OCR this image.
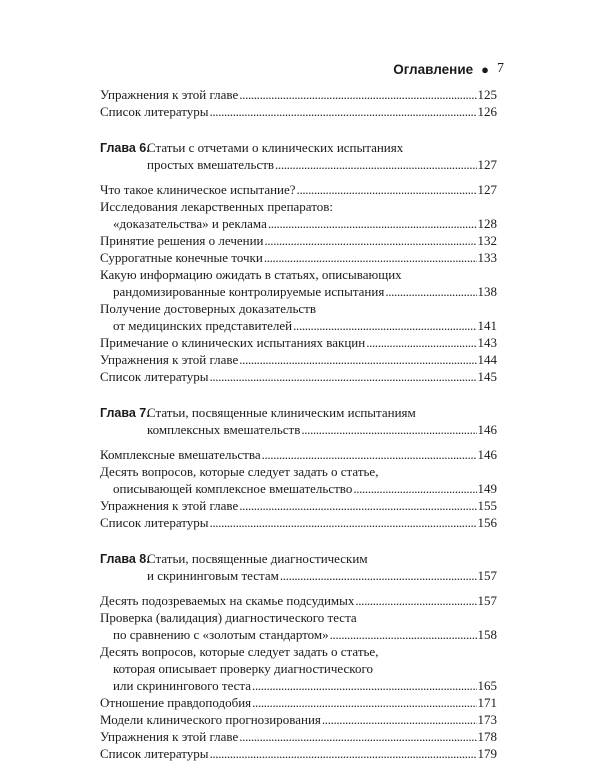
Оглавление ● 7
Упражнения к этой главе . . .	125
Список литературы . . .	126
Глава 6.
Статьи с отчетами о клинических испытаниях
простых вмешательств . . .	127
Что такое клиническое испытание? . . .	127
Исследования лекарственных препаратов:
«доказательства» и реклама . . .	128
Принятие решения о лечении . . .	132
Суррогатные конечные точки . . .	133
Какую информацию ожидать в статьях, описывающих
рандомизированные контролируемые испытания . . .	138
Получение достоверных доказательств
от медицинских представителей . . .	141
Примечание о клинических испытаниях вакцин . . .	143
Упражнения к этой главе . . .	144
Список литературы . . .	145
Глава 7.
Статьи, посвященные клиническим испытаниям
комплексных вмешательств . . .	146
Комплексные вмешательства . . .	146
Десять вопросов, которые следует задать о статье,
описывающей комплексное вмешательство . . .	149
Упражнения к этой главе . . .	155
Список литературы . . .	156
Глава 8.
Статьи, посвященные диагностическим
и скрининговым тестам . . .	157
Десять подозреваемых на скамье подсудимых . . .	157
Проверка (валидация) диагностического теста
по сравнению с «золотым стандартом» . . .	158
Десять вопросов, которые следует задать о статье,
которая описывает проверку диагностического
или скринингового теста . . .	165
Отношение правдоподобия . . .	171
Модели клинического прогнозирования . . .	173
Упражнения к этой главе . . .	178
Список литературы . . .	179
